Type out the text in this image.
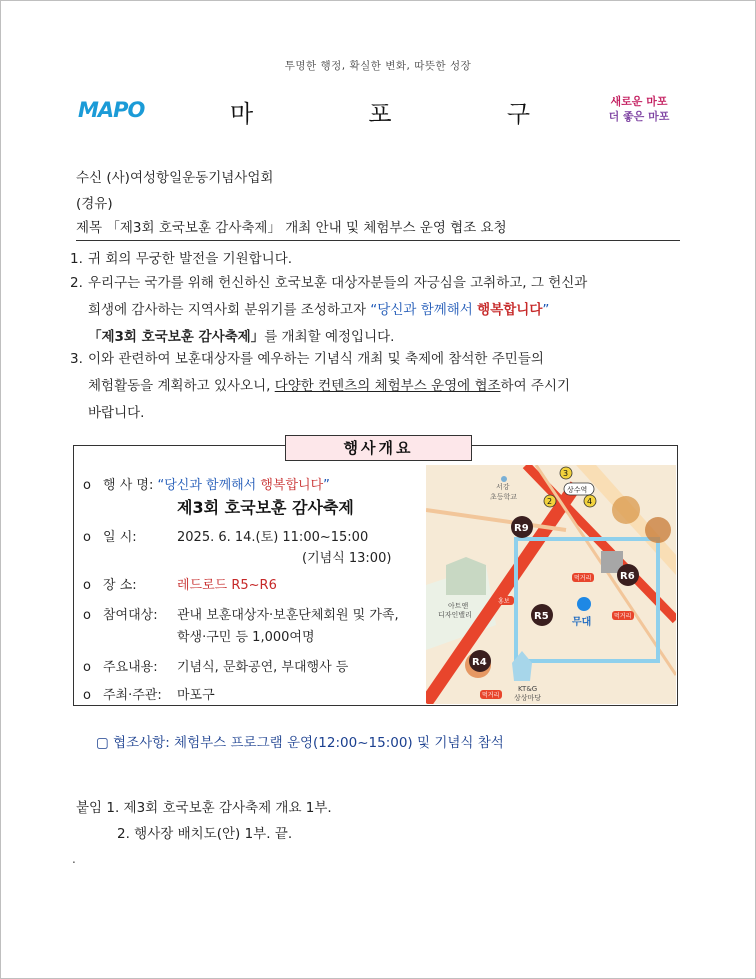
투명한 행정, 확실한 변화, 따뜻한 성장
MAPO	마	포	구	새로운 마포
더 좋은 마포
수신 (사)여성항일운동기념사업회
(경유)
제목 「제3회 호국보훈 감사축제」 개최 안내 및 체험부스 운영 협조 요청
1. 귀 회의 무궁한 발전을 기원합니다.
2. 우리구는 국가를 위해 헌신하신 호국보훈 대상자분들의 자긍심을 고취하고, 그 헌신과
희생에 감사하는 지역사회 분위기를 조성하고자 “당신과 함께해서 행복합니다”
「제3회 호국보훈 감사축제」를 개최할 예정입니다.
3. 이와 관련하여 보훈대상자를 예우하는 기념식 개최 및 축제에 참석한 주민들의
체험활동을 계획하고 있사오니, 다양한 컨텐츠의 체험부스 운영에 협조하여 주시기
바랍니다.
행사개요
o 행 사 명: “당신과 함께해서 행복합니다”
제3회 호국보훈 감사축제
o 일 시:	2025. 6. 14.(토) 11:00~15:00
(기념식 13:00)
o 장 소:	레드로드 R5~R6
o 참여대상: 관내 보훈대상자·보훈단체회원 및 가족,
학생·구민 등 1,000여명
o 주요내용: 기념식, 문화공연, 부대행사 등
o 주최·주관: 마포구
서강
초등학교
3
상수역
2	4
R9
R6
R5
R4
무대
먹거리
먹거리
먹거리
홍보
아트앤
디자인밸리
KT&G
상상마당
▢ 협조사항: 체험부스 프로그램 운영(12:00~15:00) 및 기념식 참석
붙임 1. 제3회 호국보훈 감사축제 개요 1부.
2. 행사장 배치도(안) 1부. 끝.
.
